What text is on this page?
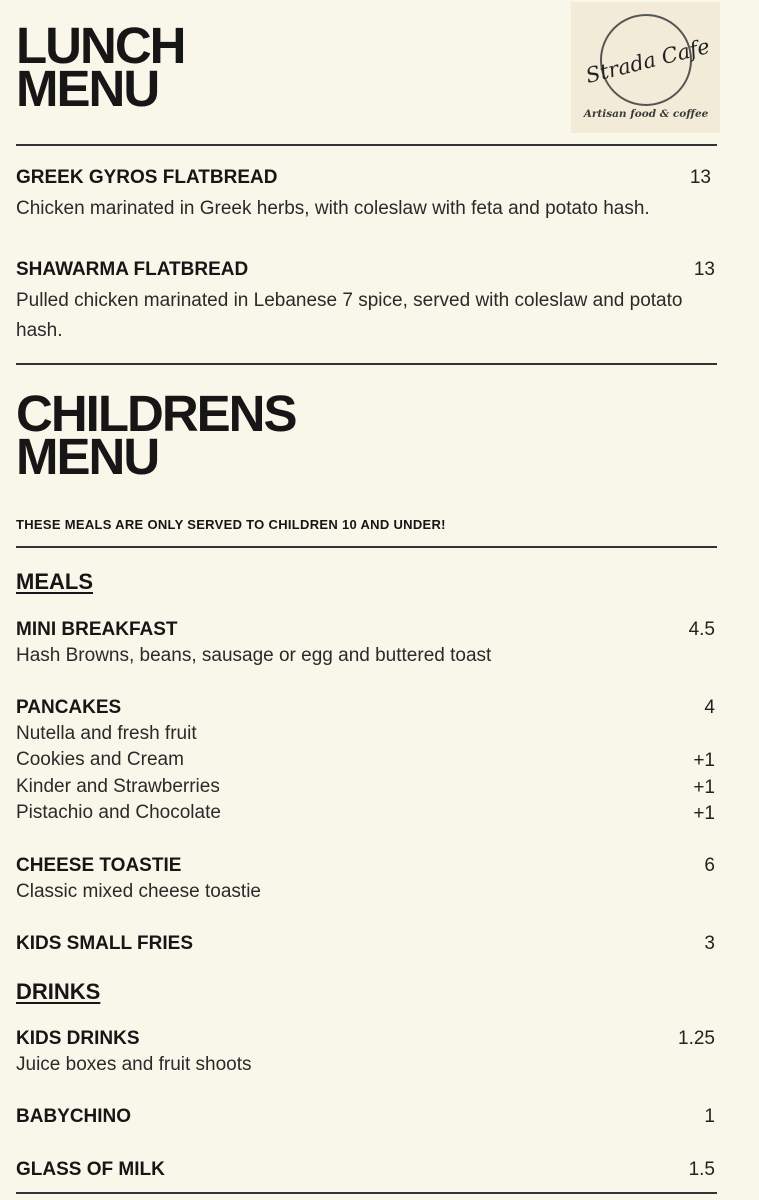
LUNCH
MENU	Strada Cafe
Artisan food & coffee
GREEK GYROS FLATBREAD	13
Chicken marinated in Greek herbs, with coleslaw with feta and potato hash.
SHAWARMA FLATBREAD	13
Pulled chicken marinated in Lebanese 7 spice, served with coleslaw and potato hash.
CHILDRENS
MENU
THESE MEALS ARE ONLY SERVED TO CHILDREN 10 AND UNDER!
MEALS
MINI BREAKFAST	4.5
Hash Browns, beans, sausage or egg and buttered toast
PANCAKES	4
Nutella and fresh fruit
Cookies and Cream	+1
Kinder and Strawberries	+1
Pistachio and Chocolate	+1
CHEESE TOASTIE	6
Classic mixed cheese toastie
KIDS SMALL FRIES	3
DRINKS
KIDS DRINKS	1.25
Juice boxes and fruit shoots
BABYCHINO	1
GLASS OF MILK	1.5
